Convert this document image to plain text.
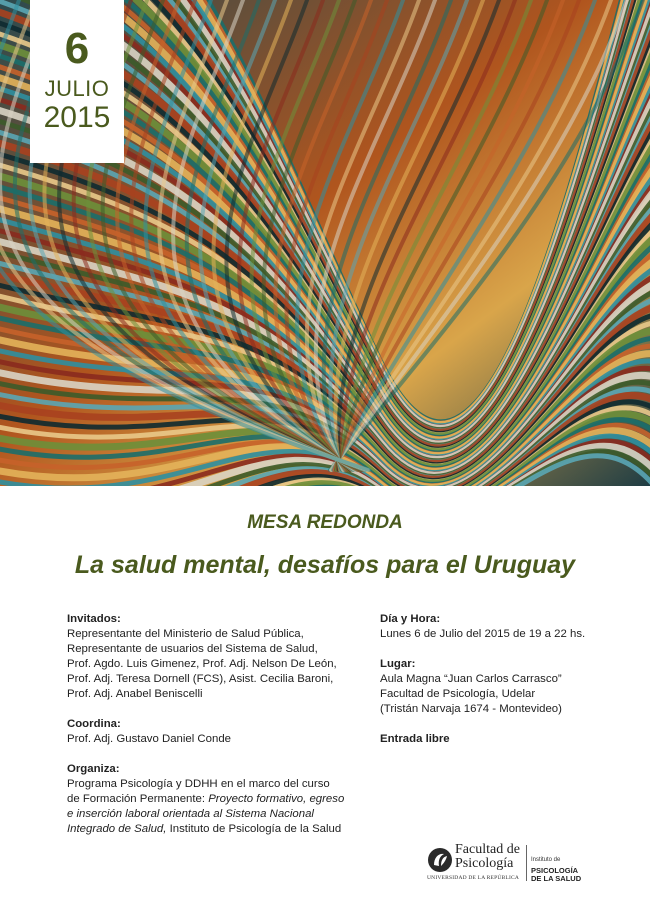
6
JULIO
2015
MESA REDONDA
La salud mental, desafíos para el Uruguay
Invitados:
Representante del Ministerio de Salud Pública,
Representante de usuarios del Sistema de Salud,
Prof. Agdo. Luis Gimenez, Prof. Adj. Nelson De León,
Prof. Adj. Teresa Dornell (FCS), Asist. Cecilia Baroni,
Prof. Adj. Anabel Beniscelli
Coordina:
Prof. Adj. Gustavo Daniel Conde
Organiza:
Programa Psicología y DDHH en el marco del curso
de Formación Permanente: Proyecto formativo, egreso
e inserción laboral orientada al Sistema Nacional
Integrado de Salud, Instituto de Psicología de la Salud
Día y Hora:
Lunes 6 de Julio del 2015 de 19 a 22 hs.
Lugar:
Aula Magna “Juan Carlos Carrasco”
Facultad de Psicología, Udelar
(Tristán Narvaja 1674 - Montevideo)
Entrada libre
Facultad de
Psicología
UNIVERSIDAD DE LA REPÚBLICA
Instituto de
PSICOLOGÍA
DE LA SALUD
